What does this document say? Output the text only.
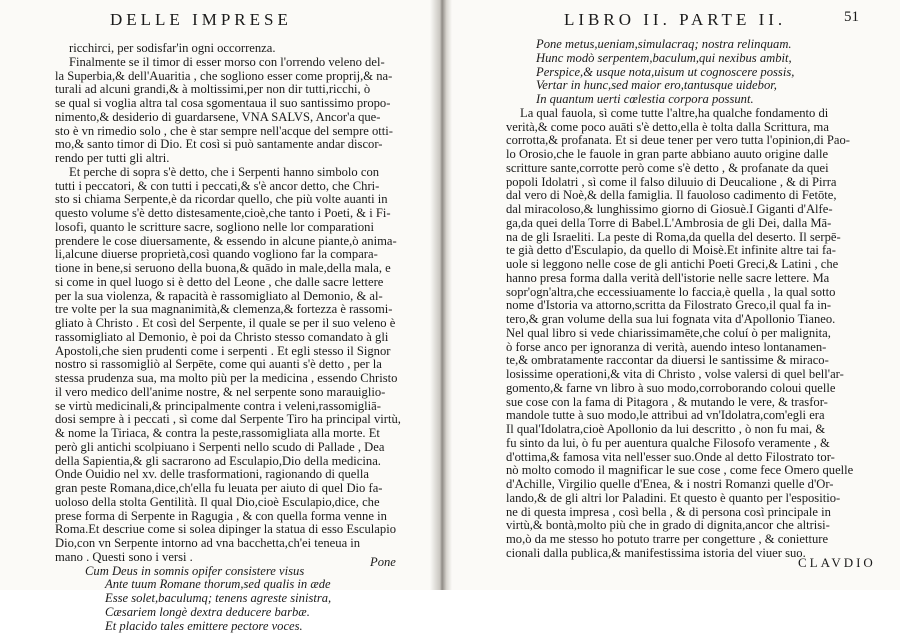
DELLE IMPRESE
ricchirci, per sodisfar'in ogni occorrenza.
Finalmente se il timor di esser morso con l'orrendo veleno del-
la Superbia,& dell'Auaritia , che sogliono esser come proprij,& na-
turali ad alcuni grandi,& à moltissimi,per non dir tutti,ricchi, ò
se qual si voglia altra tal cosa sgomentaua il suo santissimo propo-
nimento,& desiderio di guardarsene, VNA SALVS, Ancor'a que-
sto è vn rimedio solo , che è star sempre nell'acque del sempre otti-
mo,& santo timor di Dio. Et così si può santamente andar discor-
rendo per tutti gli altri.
Et perche di sopra s'è detto, che i Serpenti hanno simbolo con
tutti i peccatori, & con tutti i peccati,& s'è ancor detto, che Chri-
sto si chiama Serpente,è da ricordar quello, che più volte auanti in
questo volume s'è detto distesamente,cioè,che tanto i Poeti, & i Fi-
losofi, quanto le scritture sacre, sogliono nelle lor comparationi
prendere le cose diuersamente, & essendo in alcune piante,ò anima-
li,alcune diuerse proprietà,così quando vogliono far la compara-
tione in bene,si seruono della buona,& quādo in male,della mala, e
si come in quel luogo si è detto del Leone , che dalle sacre lettere
per la sua violenza, & rapacità è rassomigliato al Demonio, & al-
tre volte per la sua magnanimità,& clemenza,& fortezza è rassomi-
gliato à Christo . Et così del Serpente, il quale se per il suo veleno è
rassomigliato al Demonio, è poi da Christo stesso comandato à gli
Apostoli,che sien prudenti come i serpenti . Et egli stesso il Signor
nostro si rassomigliò al Serpēte, come qui auanti s'è detto , per la
stessa prudenza sua, ma molto più per la medicina , essendo Christo
il vero medico dell'anime nostre, & nel serpente sono marauiglio-
se virtù medicinali,& principalmente contra i veleni,rassomigliā-
dosi sempre à i peccati , sì come dal Serpente Tiro ha principal virtù,
& nome la Tiriaca, & contra la peste,rassomigliata alla morte. Et
però gli antichi scolpiuano i Serpenti nello scudo di Pallade , Dea
della Sapientia,& gli sacrarono ad Esculapio,Dio della medicina.
Onde Ouidio nel xv. delle trasformationi, ragionando di quella
gran peste Romana,dice,ch'ella fu leuata per aiuto di quel Dio fa-
uoloso della stolta Gentilità. Il qual Dio,cioè Esculapio,dice, che
prese forma di Serpente in Ragugia , & con quella forma venne in
Roma.Et descriue come si solea dipinger la statua di esso Esculapio
Dio,con vn Serpente intorno ad vna bacchetta,ch'ei teneua in
mano . Questi sono i versi .
Cum Deus in somnis opifer consistere visus
Ante tuum Romane thorum,sed qualis in æde
Esse solet,baculumq; tenens agreste sinistra,
Cæsariem longè dextra deducere barbæ.
Et placido tales emittere pectore voces.
Pone
LIBRO II. PARTE II.	51
Pone metus,ueniam,simulacraq; nostra relinquam.
Hunc modò serpentem,baculum,qui nexibus ambit,
Perspice,& usque nota,uisum ut cognoscere possis,
Vertar in hunc,sed maior ero,tantusque uidebor,
In quantum uerti cœlestia corpora possunt.
La qual fauola, sì come tutte l'altre,ha qualche fondamento di
verità,& come poco auāti s'è detto,ella è tolta dalla Scrittura, ma
corrotta,& profanata. Et si deue tener per vero tutta l'opinion,di Pao-
lo Orosio,che le fauole in gran parte abbiano auuto origine dalle
scritture sante,corrotte però come s'è detto , & profanate da quei
popoli Idolatri , sì come il falso diluuio di Deucalione , & di Pirra
dal vero di Noè,& della famiglia. Il fauoloso cadimento di Fetōte,
dal miracoloso,& lunghissimo giorno di Giosuè.I Giganti d'Alfe-
ga,da quei della Torre di Babel.L'Ambrosia de gli Dei, dalla Mā-
na de gli Israeliti. La peste di Roma,da quella del deserto. Il serpē-
te già detto d'Esculapio, da quello di Moisè.Et infinite altre tai fa-
uole si leggono nelle cose de gli antichi Poeti Greci,& Latini , che
hanno presa forma dalla verità dell'istorie nelle sacre lettere. Ma
sopr'ogn'altra,che eccessiuamente lo faccia,è quella , la qual sotto
nome d'Istoria va attorno,scritta da Filostrato Greco,il qual fa in-
tero,& gran volume della sua lui fognata vita d'Apollonio Tianeo.
Nel qual libro si vede chiarissimamēte,che coluí ò per malignita,
ò forse anco per ignoranza di verità, auendo inteso lontanamen-
te,& ombratamente raccontar da diuersi le santissime & miraco-
losissime operationi,& vita di Christo , volse valersi di quel bell'ar-
gomento,& farne vn libro à suo modo,corroborando coloui quelle
sue cose con la fama di Pitagora , & mutando le vere, & trasfor-
mandole tutte à suo modo,le attribui ad vn'Idolatra,com'egli era
Il qual'Idolatra,cioè Apollonio da lui descritto , ò non fu mai, &
fu sinto da lui, ò fu per auentura qualche Filosofo veramente , &
d'ottima,& famosa vita nell'esser suo.Onde al detto Filostrato tor-
nò molto comodo il magnificar le sue cose , come fece Omero quelle
d'Achille, Virgilio quelle d'Enea, & i nostri Romanzi quelle d'Or-
lando,& de gli altri lor Paladini. Et questo è quanto per l'espositio-
ne di questa impresa , così bella , & di persona così principale in
virtù,& bontà,molto più che in grado di dignita,ancor che altrisi-
mo,ò da me stesso ho potuto trarre per congetture , & conietture
cionali dalla publica,& manifestissima istoria del viuer suo.
CLAVDIO
